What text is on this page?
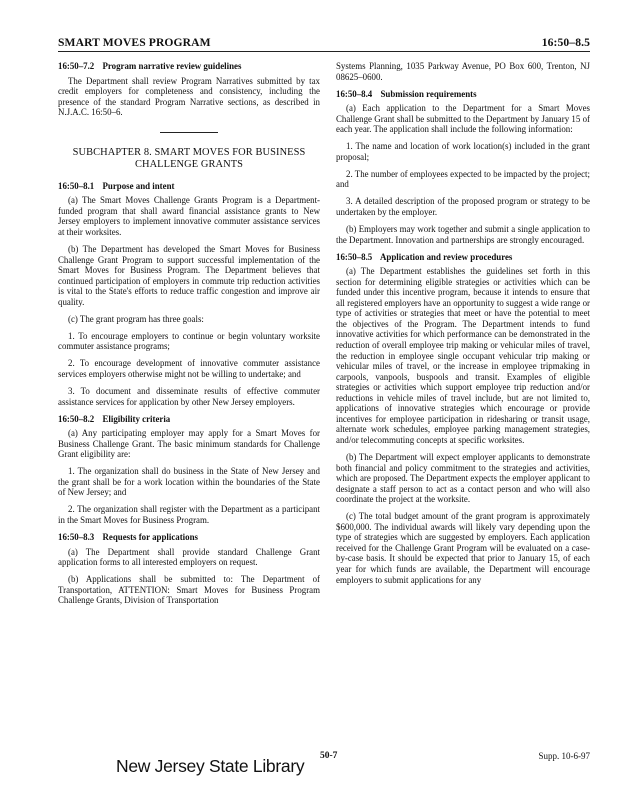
SMART MOVES PROGRAM	16:50–8.5
16:50–7.2 Program narrative review guidelines

The Department shall review Program Narratives submitted by tax credit employers for completeness and consistency, including the presence of the standard Program Narrative sections, as described in N.J.A.C. 16:50–6.

SUBCHAPTER 8. SMART MOVES FOR BUSINESS
CHALLENGE GRANTS
16:50–8.1 Purpose and intent

(a) The Smart Moves Challenge Grants Program is a Department-funded program that shall award financial assistance grants to New Jersey employers to implement innovative commuter assistance services at their worksites.

(b) The Department has developed the Smart Moves for Business Challenge Grant Program to support successful implementation of the Smart Moves for Business Program. The Department believes that continued participation of employers in commute trip reduction activities is vital to the State's efforts to reduce traffic congestion and improve air quality.

(c) The grant program has three goals:

1. To encourage employers to continue or begin voluntary worksite commuter assistance programs;

2. To encourage development of innovative commuter assistance services employers otherwise might not be willing to undertake; and

3. To document and disseminate results of effective commuter assistance services for application by other New Jersey employers.

16:50–8.2 Eligibility criteria

(a) Any participating employer may apply for a Smart Moves for Business Challenge Grant. The basic minimum standards for Challenge Grant eligibility are:

1. The organization shall do business in the State of New Jersey and the grant shall be for a work location within the boundaries of the State of New Jersey; and

2. The organization shall register with the Department as a participant in the Smart Moves for Business Program.

16:50–8.3 Requests for applications

(a) The Department shall provide standard Challenge Grant application forms to all interested employers on request.

(b) Applications shall be submitted to: The Department of Transportation, ATTENTION: Smart Moves for Business Program Challenge Grants, Division of Transportation

Systems Planning, 1035 Parkway Avenue, PO Box 600, Trenton, NJ 08625–0600.

16:50–8.4 Submission requirements

(a) Each application to the Department for a Smart Moves Challenge Grant shall be submitted to the Department by January 15 of each year. The application shall include the following information:

1. The name and location of work location(s) included in the grant proposal;

2. The number of employees expected to be impacted by the project; and

3. A detailed description of the proposed program or strategy to be undertaken by the employer.

(b) Employers may work together and submit a single application to the Department. Innovation and partnerships are strongly encouraged.

16:50–8.5 Application and review procedures

(a) The Department establishes the guidelines set forth in this section for determining eligible strategies or activities which can be funded under this incentive program, because it intends to ensure that all registered employers have an opportunity to suggest a wide range or type of activities or strategies that meet or have the potential to meet the objectives of the Program. The Department intends to fund innovative activities for which performance can be demonstrated in the reduction of overall employee trip making or vehicular miles of travel, the reduction in employee single occupant vehicular trip making or vehicular miles of travel, or the increase in employee tripmaking in carpools, vanpools, buspools and transit. Examples of eligible strategies or activities which support employee trip reduction and/or reductions in vehicle miles of travel include, but are not limited to, applications of innovative strategies which encourage or provide incentives for employee participation in ridesharing or transit usage, alternate work schedules, employee parking management strategies, and/or telecommuting concepts at specific worksites.

(b) The Department will expect employer applicants to demonstrate both financial and policy commitment to the strategies and activities, which are proposed. The Department expects the employer applicant to designate a staff person to act as a contact person and who will also coordinate the project at the worksite.

(c) The total budget amount of the grant program is approximately $600,000. The individual awards will likely vary depending upon the type of strategies which are suggested by employers. Each application received for the Challenge Grant Program will be evaluated on a case-by-case basis. It should be expected that prior to January 15, of each year for which funds are available, the Department will encourage employers to submit applications for any

New Jersey State Library 50-7	Supp. 10-6-97
